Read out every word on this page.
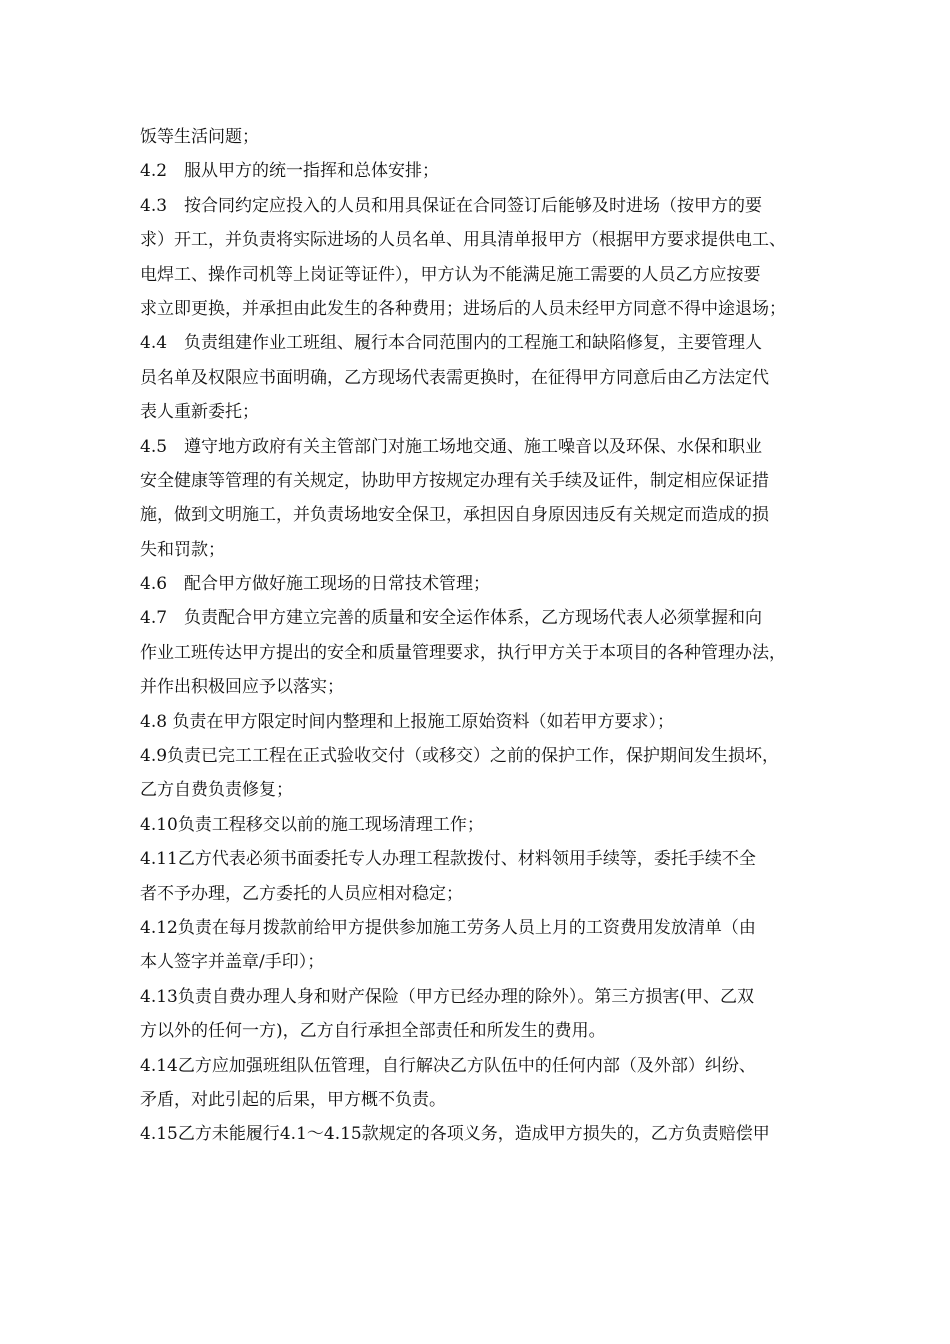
饭等生活问题；
4.2　服从甲方的统一指挥和总体安排；
4.3　按合同约定应投入的人员和用具保证在合同签订后能够及时进场（按甲方的要
求）开工，并负责将实际进场的人员名单、用具清单报甲方（根据甲方要求提供电工、
电焊工、操作司机等上岗证等证件），甲方认为不能满足施工需要的人员乙方应按要
求立即更换，并承担由此发生的各种费用；进场后的人员未经甲方同意不得中途退场；
4.4　负责组建作业工班组、履行本合同范围内的工程施工和缺陷修复，主要管理人
员名单及权限应书面明确，乙方现场代表需更换时，在征得甲方同意后由乙方法定代
表人重新委托；
4.5　遵守地方政府有关主管部门对施工场地交通、施工噪音以及环保、水保和职业
安全健康等管理的有关规定，协助甲方按规定办理有关手续及证件，制定相应保证措
施，做到文明施工，并负责场地安全保卫，承担因自身原因违反有关规定而造成的损
失和罚款；
4.6　配合甲方做好施工现场的日常技术管理；
4.7　负责配合甲方建立完善的质量和安全运作体系，乙方现场代表人必须掌握和向
作业工班传达甲方提出的安全和质量管理要求，执行甲方关于本项目的各种管理办法，
并作出积极回应予以落实；
4.8 负责在甲方限定时间内整理和上报施工原始资料（如若甲方要求）；
4.9负责已完工工程在正式验收交付（或移交）之前的保护工作，保护期间发生损坏，
乙方自费负责修复；
4.10负责工程移交以前的施工现场清理工作；
4.11乙方代表必须书面委托专人办理工程款拨付、材料领用手续等，委托手续不全
者不予办理，乙方委托的人员应相对稳定；
4.12负责在每月拨款前给甲方提供参加施工劳务人员上月的工资费用发放清单（由
本人签字并盖章/手印）；
4.13负责自费办理人身和财产保险（甲方已经办理的除外）。第三方损害(甲、乙双
方以外的任何一方)，乙方自行承担全部责任和所发生的费用。
4.14乙方应加强班组队伍管理，自行解决乙方队伍中的任何内部（及外部）纠纷、
矛盾，对此引起的后果，甲方概不负责。
4.15乙方未能履行4.1～4.15款规定的各项义务，造成甲方损失的，乙方负责赔偿甲
